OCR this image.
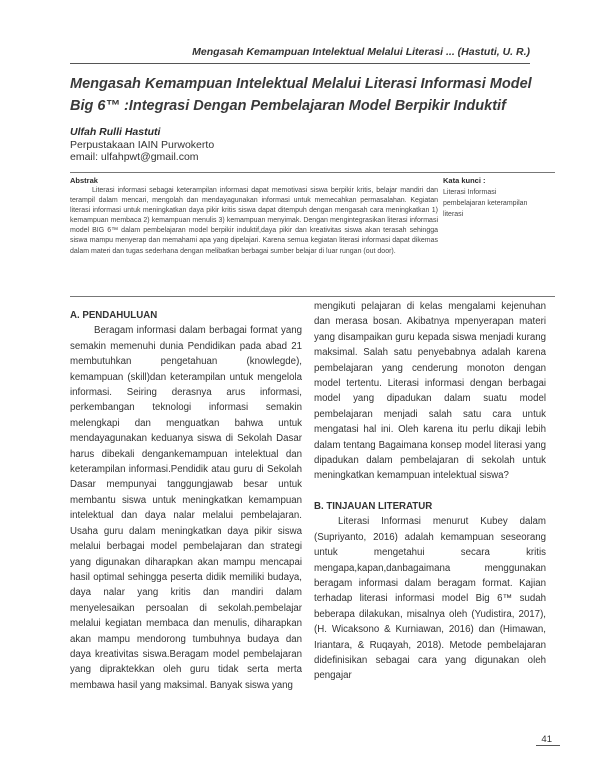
Mengasah Kemampuan Intelektual Melalui Literasi ... (Hastuti, U. R.)
Mengasah Kemampuan Intelektual Melalui Literasi Informasi Model Big 6™ :Integrasi Dengan Pembelajaran Model Berpikir Induktif
Ulfah Rulli Hastuti
Perpustakaan IAIN Purwokerto
email: ulfahpwt@gmail.com
Abstrak

Literasi informasi sebagai keterampilan informasi dapat memotivasi siswa berpikir kritis, belajar mandiri dan terampil dalam mencari, mengolah dan mendayagunakan informasi untuk memecahkan permasalahan. Kegiatan literasi informasi untuk meningkatkan daya pikir kritis siswa dapat ditempuh dengan mengasah cara meningkatkan 1) kemampuan membaca 2) kemampuan menulis 3) kemampuan menyimak. Dengan mengintegrasikan literasi informasi model BIG 6™ dalam pembelajaran model berpikir induktif,daya pikir dan kreativitas siswa akan terasah sehingga siswa mampu menyerap dan memahami apa yang dipelajari. Karena semua kegiatan literasi informasi dapat dikemas dalam materi dan tugas sederhana dengan melibatkan berbagai sumber belajar di luar rungan (out door).

Kata kunci :
Literasi Informasi
pembelajaran keterampilan
literasi

A. PENDAHULUAN

Beragam informasi dalam berbagai format yang semakin memenuhi dunia Pendidikan pada abad 21 membutuhkan pengetahuan (knowlegde), kemampuan (skill)dan keterampilan untuk mengelola informasi. Seiring derasnya arus informasi, perkembangan teknologi informasi semakin melengkapi dan menguatkan bahwa untuk mendayagunakan keduanya siswa di Sekolah Dasar harus dibekali dengankemampuan intelektual dan keterampilan informasi.Pendidik atau guru di Sekolah Dasar mempunyai tanggungjawab besar untuk membantu siswa untuk meningkatkan kemampuan intelektual dan daya nalar melalui pembelajaran. Usaha guru dalam meningkatkan daya pikir siswa melalui berbagai model pembelajaran dan strategi yang digunakan diharapkan akan mampu mencapai hasil optimal sehingga peserta didik memiliki budaya, daya nalar yang kritis dan mandiri dalam menyelesaikan persoalan di sekolah.pembelajar melalui kegiatan membaca dan menulis, diharapkan akan mampu mendorong tumbuhnya budaya dan daya kreativitas siswa.Beragam model pembelajaran yang dipraktekkan oleh guru tidak serta merta membawa hasil yang maksimal. Banyak siswa yang

mengikuti pelajaran di kelas mengalami kejenuhan dan merasa bosan. Akibatnya mpenyerapan materi yang disampaikan guru kepada siswa menjadi kurang maksimal. Salah satu penyebabnya adalah karena pembelajaran yang cenderung monoton dengan model tertentu. Literasi informasi dengan berbagai model yang dipadukan dalam suatu model pembelajaran menjadi salah satu cara untuk mengatasi hal ini. Oleh karena itu perlu dikaji lebih dalam tentang Bagaimana konsep model literasi yang dipadukan dalam pembelajaran di sekolah untuk meningkatkan kemampuan intelektual siswa?

B. TINJAUAN LITERATUR

Literasi Informasi menurut Kubey dalam (Supriyanto, 2016) adalah kemampuan seseorang untuk mengetahui secara kritis mengapa,kapan,danbagaimana menggunakan beragam informasi dalam beragam format. Kajian terhadap literasi informasi model Big 6™ sudah beberapa dilakukan, misalnya oleh (Yudistira, 2017), (H. Wicaksono & Kurniawan, 2016) dan (Himawan, Iriantara, & Ruqayah, 2018). Metode pembelajaran didefinisikan sebagai cara yang digunakan oleh pengajar

41
